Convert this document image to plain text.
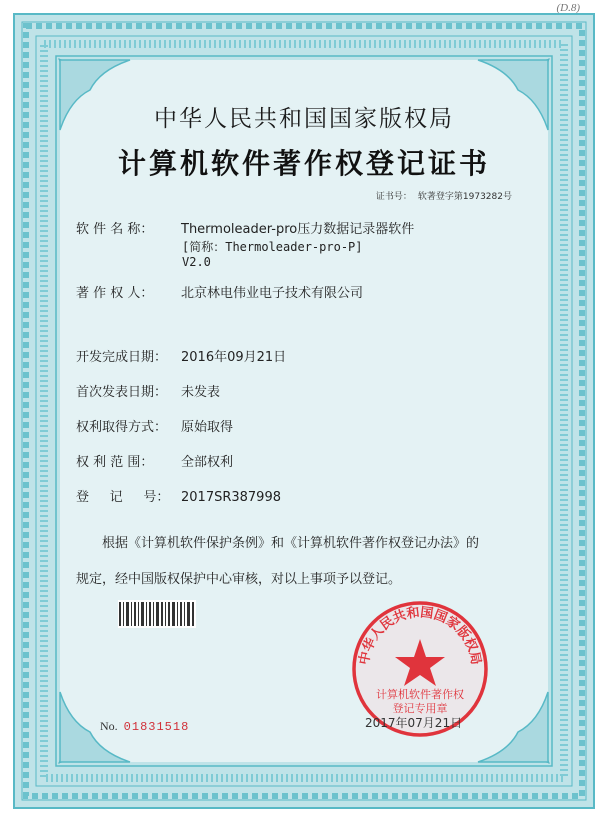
(D.8)
中华人民共和国国家版权局
计算机软件著作权登记证书
证书号： 软著登字第1973282号
软 件 名 称： Thermoleader-pro压力数据记录器软件
[简称：Thermoleader-pro-P]
V2.0
著 作 权 人： 北京林电伟业电子技术有限公司
开发完成日期： 2016年09月21日
首次发表日期： 未发表
权利取得方式： 原始取得
权 利 范 围： 全部权利
登     记     号： 2017SR387998
根据《计算机软件保护条例》和《计算机软件著作权登记办法》的
规定，经中国版权保护中心审核，对以上事项予以登记。
中华人民共和国国家版权局
计算机软件著作权
登记专用章
No. 01831518	2017年07月21日
